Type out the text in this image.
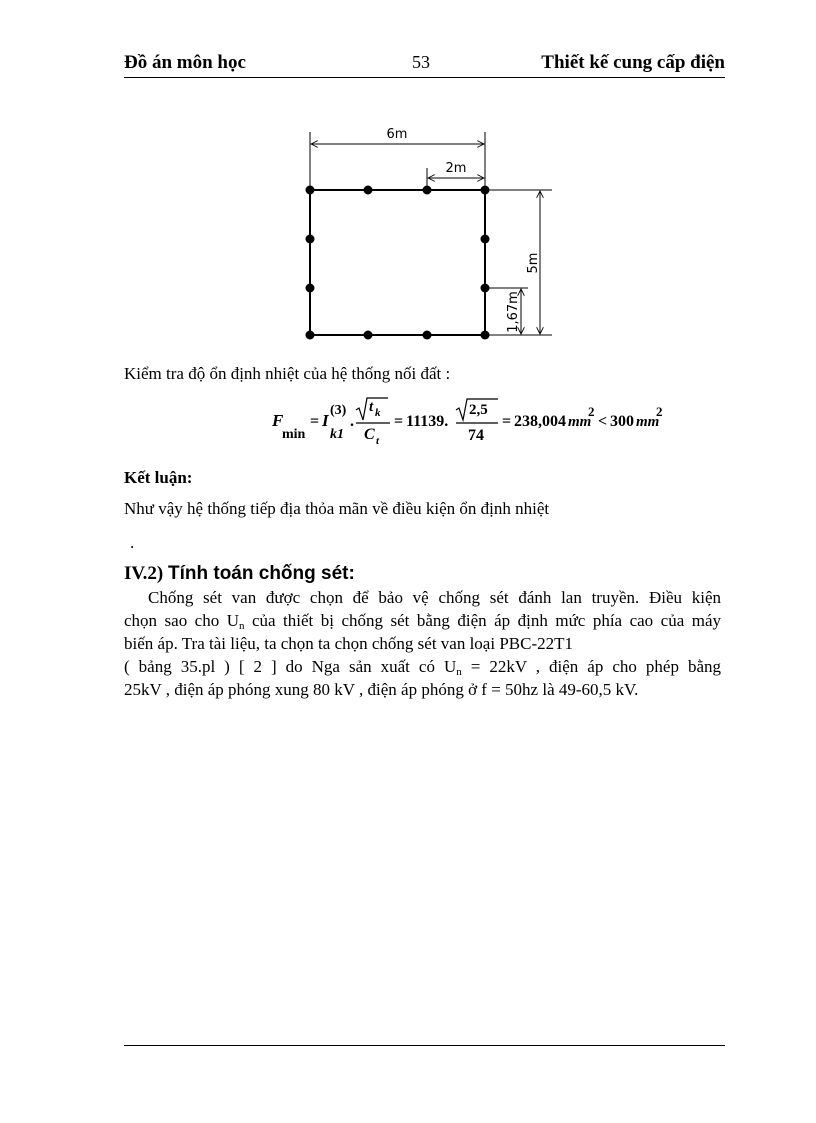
Đồ án môn học	53	Thiết kế cung cấp điện
6m
2m
5m
1,67m
Kiểm tra độ ổn định nhiệt của hệ thống nối đất :
F
min
= I
(3)
k1
.
t k
C t
= 11139.
2,5
74
= 238,004 mm
2
< 300 mm
2
Kết luận:
Như vậy hệ thống tiếp địa thỏa mãn về điều kiện ổn định nhiệt
.
IV.2) Tính toán chống sét:
Chống sét van được chọn để bảo vệ chống sét đánh lan truyền. Điều kiện
chọn sao cho $U_n$ của thiết bị chống sét bằng điện áp định mức phía cao của máy
biến áp. Tra tài liệu, ta chọn ta chọn chống sét van loại PBC-22T1
( bảng 35.pl ) [ 2 ] do Nga sản xuất có $U_n = 22kV$ , điện áp cho phép bằng
25kV , điện áp phóng xung 80 kV , điện áp phóng ở f = 50hz là 49-60,5 kV.
